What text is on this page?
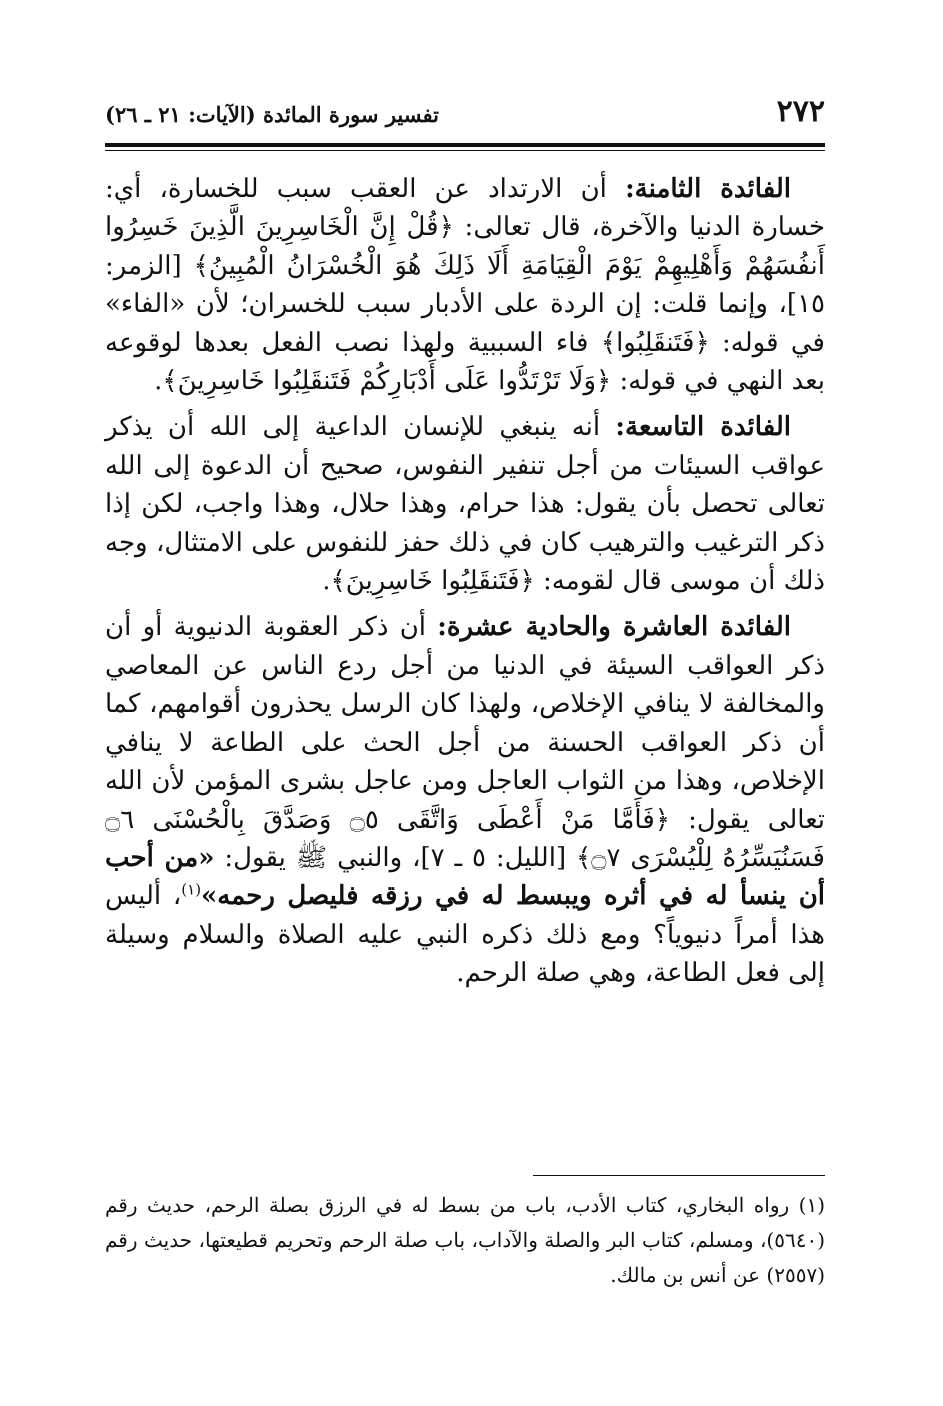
٢٧٢
تفسير سورة المائدة (الآيات: ٢١ ـ ٢٦)

الفائدة الثامنة: أن الارتداد عن العقب سبب للخسارة، أي: خسارة الدنيا والآخرة، قال تعالى: ﴿قُلْ إِنَّ الْخَاسِرِينَ الَّذِينَ خَسِرُوا أَنفُسَهُمْ وَأَهْلِيهِمْ يَوْمَ الْقِيَامَةِ أَلَا ذَلِكَ هُوَ الْخُسْرَانُ الْمُبِينُ﴾ [الزمر: ١٥]، وإنما قلت: إن الردة على الأدبار سبب للخسران؛ لأن «الفاء» في قوله: ﴿فَتَنقَلِبُوا﴾ فاء السببية ولهذا نصب الفعل بعدها لوقوعه بعد النهي في قوله: ﴿وَلَا تَرْتَدُّوا عَلَى أَدْبَارِكُمْ فَتَنقَلِبُوا خَاسِرِينَ﴾.

الفائدة التاسعة: أنه ينبغي للإنسان الداعية إلى الله أن يذكر عواقب السيئات من أجل تنفير النفوس، صحيح أن الدعوة إلى الله تعالى تحصل بأن يقول: هذا حرام، وهذا حلال، وهذا واجب، لكن إذا ذكر الترغيب والترهيب كان في ذلك حفز للنفوس على الامتثال، وجه ذلك أن موسى قال لقومه: ﴿فَتَنقَلِبُوا خَاسِرِينَ﴾.

الفائدة العاشرة والحادية عشرة: أن ذكر العقوبة الدنيوية أو أن ذكر العواقب السيئة في الدنيا من أجل ردع الناس عن المعاصي والمخالفة لا ينافي الإخلاص، ولهذا كان الرسل يحذرون أقوامهم، كما أن ذكر العواقب الحسنة من أجل الحث على الطاعة لا ينافي الإخلاص، وهذا من الثواب العاجل ومن عاجل بشرى المؤمن لأن الله تعالى يقول: ﴿فَأَمَّا مَنْ أَعْطَى وَاتَّقَى ۝٥ وَصَدَّقَ بِالْحُسْنَى ۝٦ فَسَنُيَسِّرُهُ لِلْيُسْرَى ۝٧﴾ [الليل: ٥ ـ ٧]، والنبي ﷺ يقول: «من أحب أن ينسأ له في أثره ويبسط له في رزقه فليصل رحمه»$^{(١)}$، أليس هذا أمراً دنيوياً؟ ومع ذلك ذكره النبي عليه الصلاة والسلام وسيلة إلى فعل الطاعة، وهي صلة الرحم.

(١) رواه البخاري، كتاب الأدب، باب من بسط له في الرزق بصلة الرحم، حديث رقم (٥٦٤٠)، ومسلم، كتاب البر والصلة والآداب، باب صلة الرحم وتحريم قطيعتها، حديث رقم (٢٥٥٧) عن أنس بن مالك.
